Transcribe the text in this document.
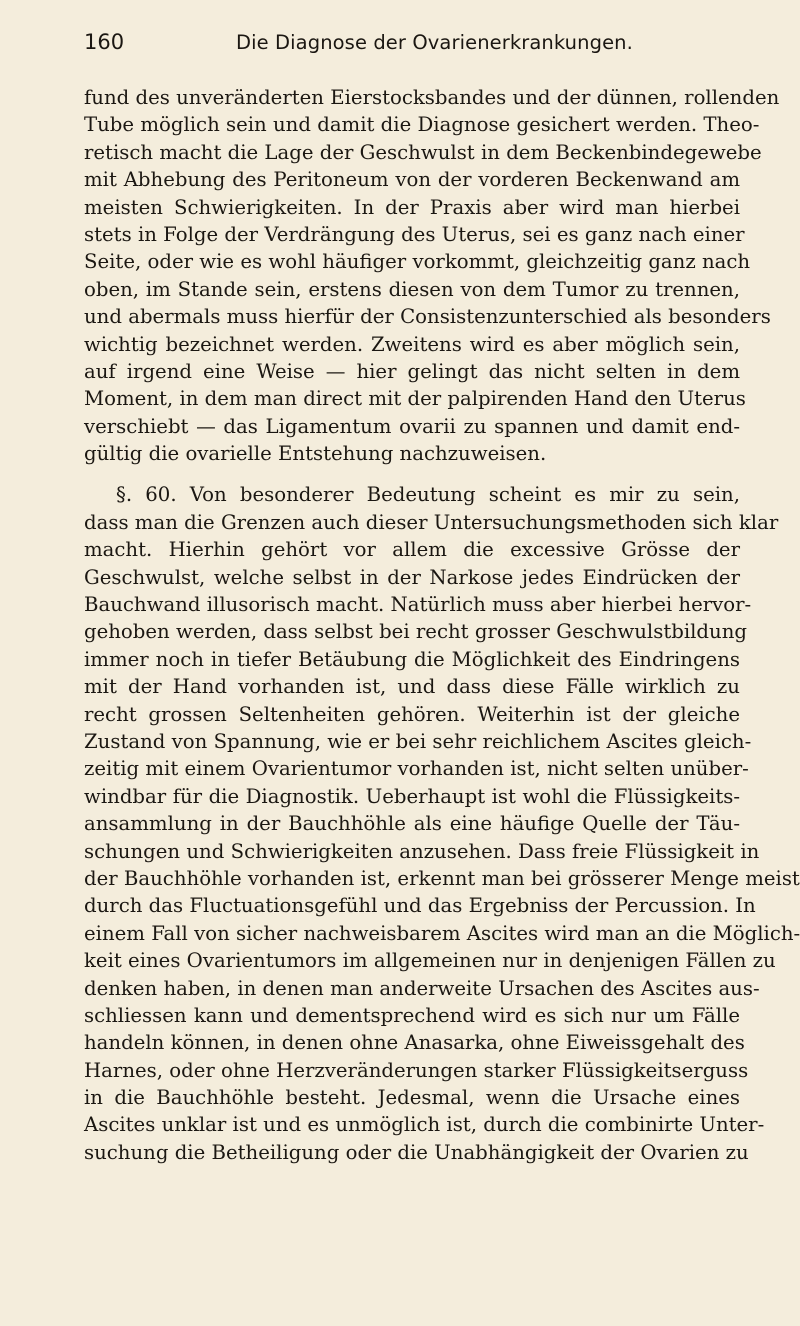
160	Die Diagnose der Ovarienerkrankungen.
fund des unveränderten Eierstocksbandes und der dünnen, rollenden
Tube möglich sein und damit die Diagnose gesichert werden. Theo-
retisch macht die Lage der Geschwulst in dem Beckenbindegewebe
mit Abhebung des Peritoneum von der vorderen Beckenwand am
meisten Schwierigkeiten. In der Praxis aber wird man hierbei
stets in Folge der Verdrängung des Uterus, sei es ganz nach einer
Seite, oder wie es wohl häufiger vorkommt, gleichzeitig ganz nach
oben, im Stande sein, erstens diesen von dem Tumor zu trennen,
und abermals muss hierfür der Consistenzunterschied als besonders
wichtig bezeichnet werden. Zweitens wird es aber möglich sein,
auf irgend eine Weise — hier gelingt das nicht selten in dem
Moment, in dem man direct mit der palpirenden Hand den Uterus
verschiebt — das Ligamentum ovarii zu spannen und damit end-
gültig die ovarielle Entstehung nachzuweisen.
§. 60. Von besonderer Bedeutung scheint es mir zu sein,
dass man die Grenzen auch dieser Untersuchungsmethoden sich klar
macht. Hierhin gehört vor allem die excessive Grösse der
Geschwulst, welche selbst in der Narkose jedes Eindrücken der
Bauchwand illusorisch macht. Natürlich muss aber hierbei hervor-
gehoben werden, dass selbst bei recht grosser Geschwulstbildung
immer noch in tiefer Betäubung die Möglichkeit des Eindringens
mit der Hand vorhanden ist, und dass diese Fälle wirklich zu
recht grossen Seltenheiten gehören. Weiterhin ist der gleiche
Zustand von Spannung, wie er bei sehr reichlichem Ascites gleich-
zeitig mit einem Ovarientumor vorhanden ist, nicht selten unüber-
windbar für die Diagnostik. Ueberhaupt ist wohl die Flüssigkeits-
ansammlung in der Bauchhöhle als eine häufige Quelle der Täu-
schungen und Schwierigkeiten anzusehen. Dass freie Flüssigkeit in
der Bauchhöhle vorhanden ist, erkennt man bei grösserer Menge meist
durch das Fluctuationsgefühl und das Ergebniss der Percussion. In
einem Fall von sicher nachweisbarem Ascites wird man an die Möglich-
keit eines Ovarientumors im allgemeinen nur in denjenigen Fällen zu
denken haben, in denen man anderweite Ursachen des Ascites aus-
schliessen kann und dementsprechend wird es sich nur um Fälle
handeln können, in denen ohne Anasarka, ohne Eiweissgehalt des
Harnes, oder ohne Herzveränderungen starker Flüssigkeitserguss
in die Bauchhöhle besteht. Jedesmal, wenn die Ursache eines
Ascites unklar ist und es unmöglich ist, durch die combinirte Unter-
suchung die Betheiligung oder die Unabhängigkeit der Ovarien zu
